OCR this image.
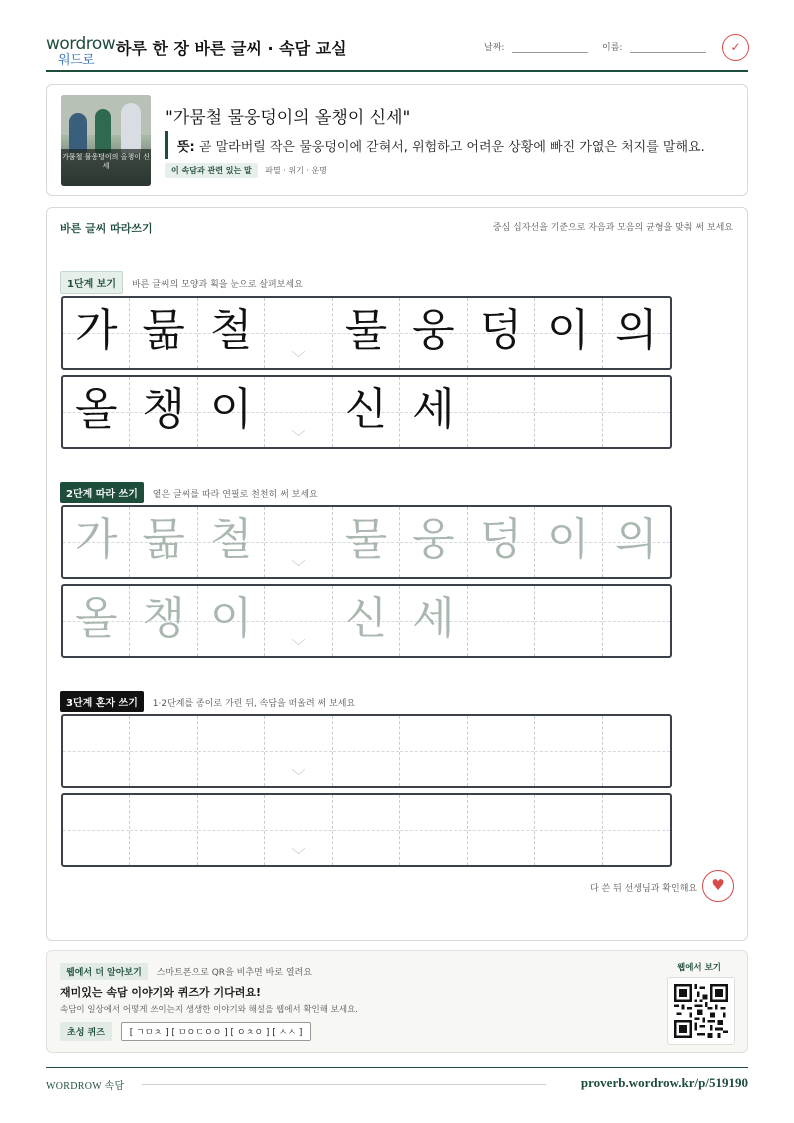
wordrow
워드로
하루 한 장 바른 글씨 · 속담 교실	날짜:	이름:	✓
가뭄철 물웅덩이의 올챙이 신세
"가뭄철 물웅덩이의 올챙이 신세"
뜻: 곧 말라버릴 작은 물웅덩이에 갇혀서, 위험하고 어려운 상황에 빠진 가엾은 처지를 말해요.
이 속담과 관련 있는 말 파멸 · 위기 · 운명
바른 글씨 따라쓰기	중심 십자선을 기준으로 자음과 모음의 균형을 맞춰 써 보세요
1단계 보기 바른 글씨의 모양과 획을 눈으로 살펴보세요
가 묾 철
﹀
물 웅 덩 이 의
올 챙 이
﹀
신 세
2단계 따라 쓰기 옅은 글씨를 따라 연필로 천천히 써 보세요
가 묾 철
﹀
물 웅 덩 이 의
올 챙 이
﹀
신 세
3단계 혼자 쓰기 1·2단계를 종이로 가린 뒤, 속담을 떠올려 써 보세요
﹀
﹀
다 쓴 뒤 선생님과 확인해요 ♥
웹에서 더 알아보기 스마트폰으로 QR을 비추면 바로 열려요
재미있는 속담 이야기와 퀴즈가 기다려요!
속담이 일상에서 어떻게 쓰이는지 생생한 이야기와 해설을 웹에서 확인해 보세요.
초성 퀴즈	[ ㄱㅁㅊ ] [ ㅁㅇㄷㅇㅇ ] [ ㅇㅊㅇ ] [ ㅅㅅ ]
웹에서 보기
WORDROW 속담	proverb.wordrow.kr/p/519190
